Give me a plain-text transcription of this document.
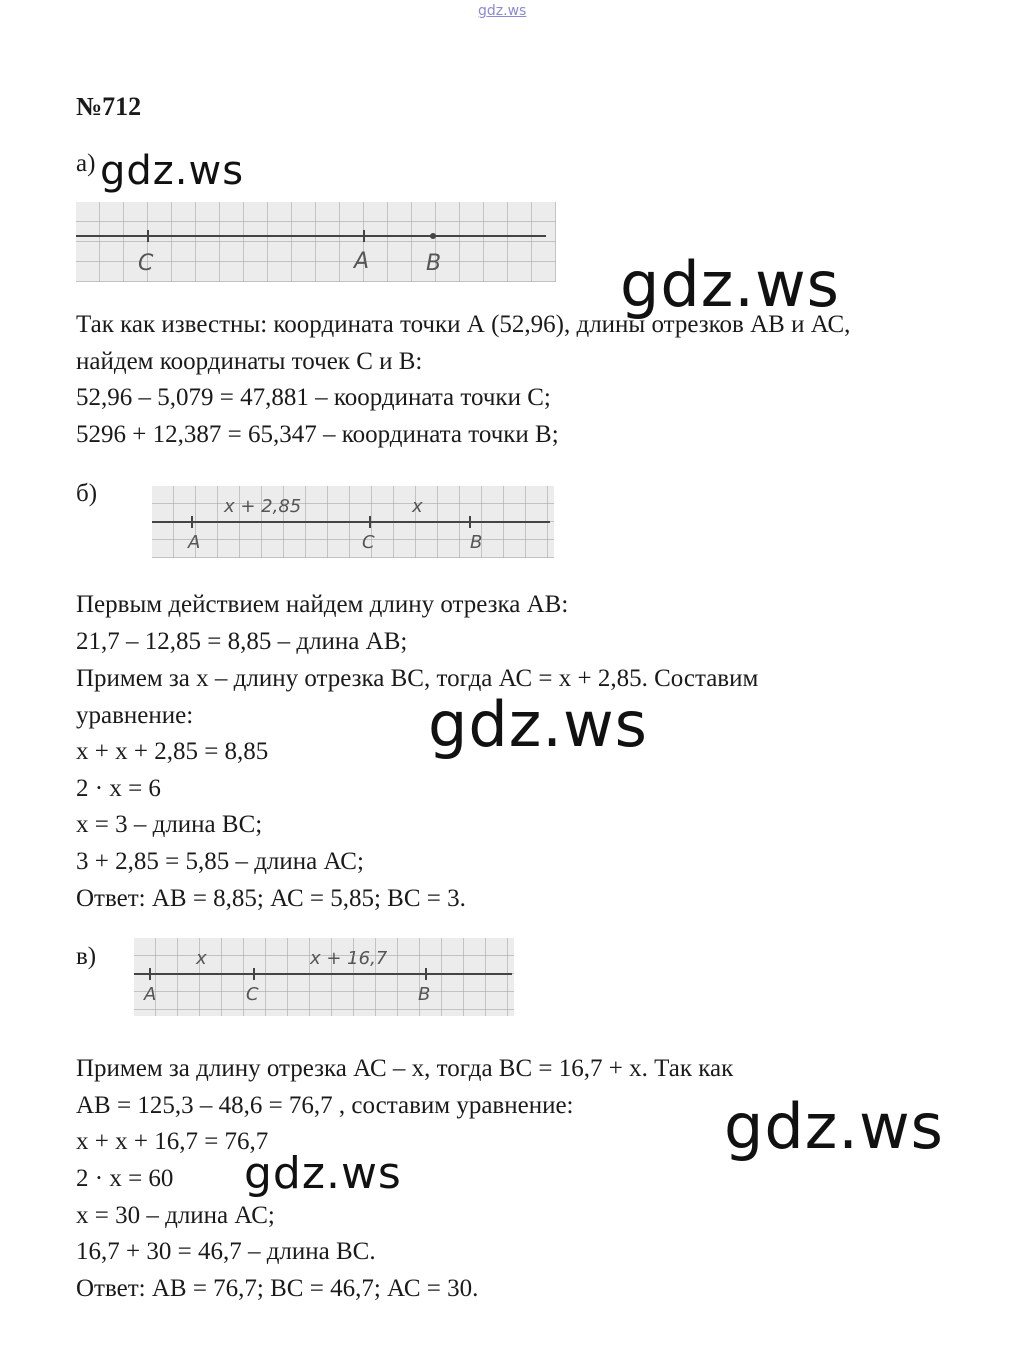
gdz.ws
№712
а) gdz.ws
C	A	B	gdz.ws
Так как известны: координата точки А (52,96), длины отрезков АВ и АС,
найдем координаты точек С и В:
52,96 – 5,079 = 47,881 – координата точки С;
5296 + 12,387 = 65,347 – координата точки В;
б)	x + 2,85	x
A	C	B
Первым действием найдем длину отрезка АВ:
21,7 – 12,85 = 8,85 – длина АВ;
Примем за х – длину отрезка ВС, тогда АС = х + 2,85. Составим
уравнение:	gdz.ws
х + х + 2,85 = 8,85
2 · х = 6
х = 3 – длина ВС;
3 + 2,85 = 5,85 – длина АС;
Ответ: АВ = 8,85; АС = 5,85; ВС = 3.
в)	x	x + 16,7
A	C	B
Примем за длину отрезка АС – х, тогда ВС = 16,7 + х. Так как
АВ = 125,3 – 48,6 = 76,7 , составим уравнение: gdz.ws
х + х + 16,7 = 76,7
2 · х = 60 gdz.ws
х = 30 – длина АС;
16,7 + 30 = 46,7 – длина ВС.
Ответ: АВ = 76,7; ВС = 46,7; АС = 30.
